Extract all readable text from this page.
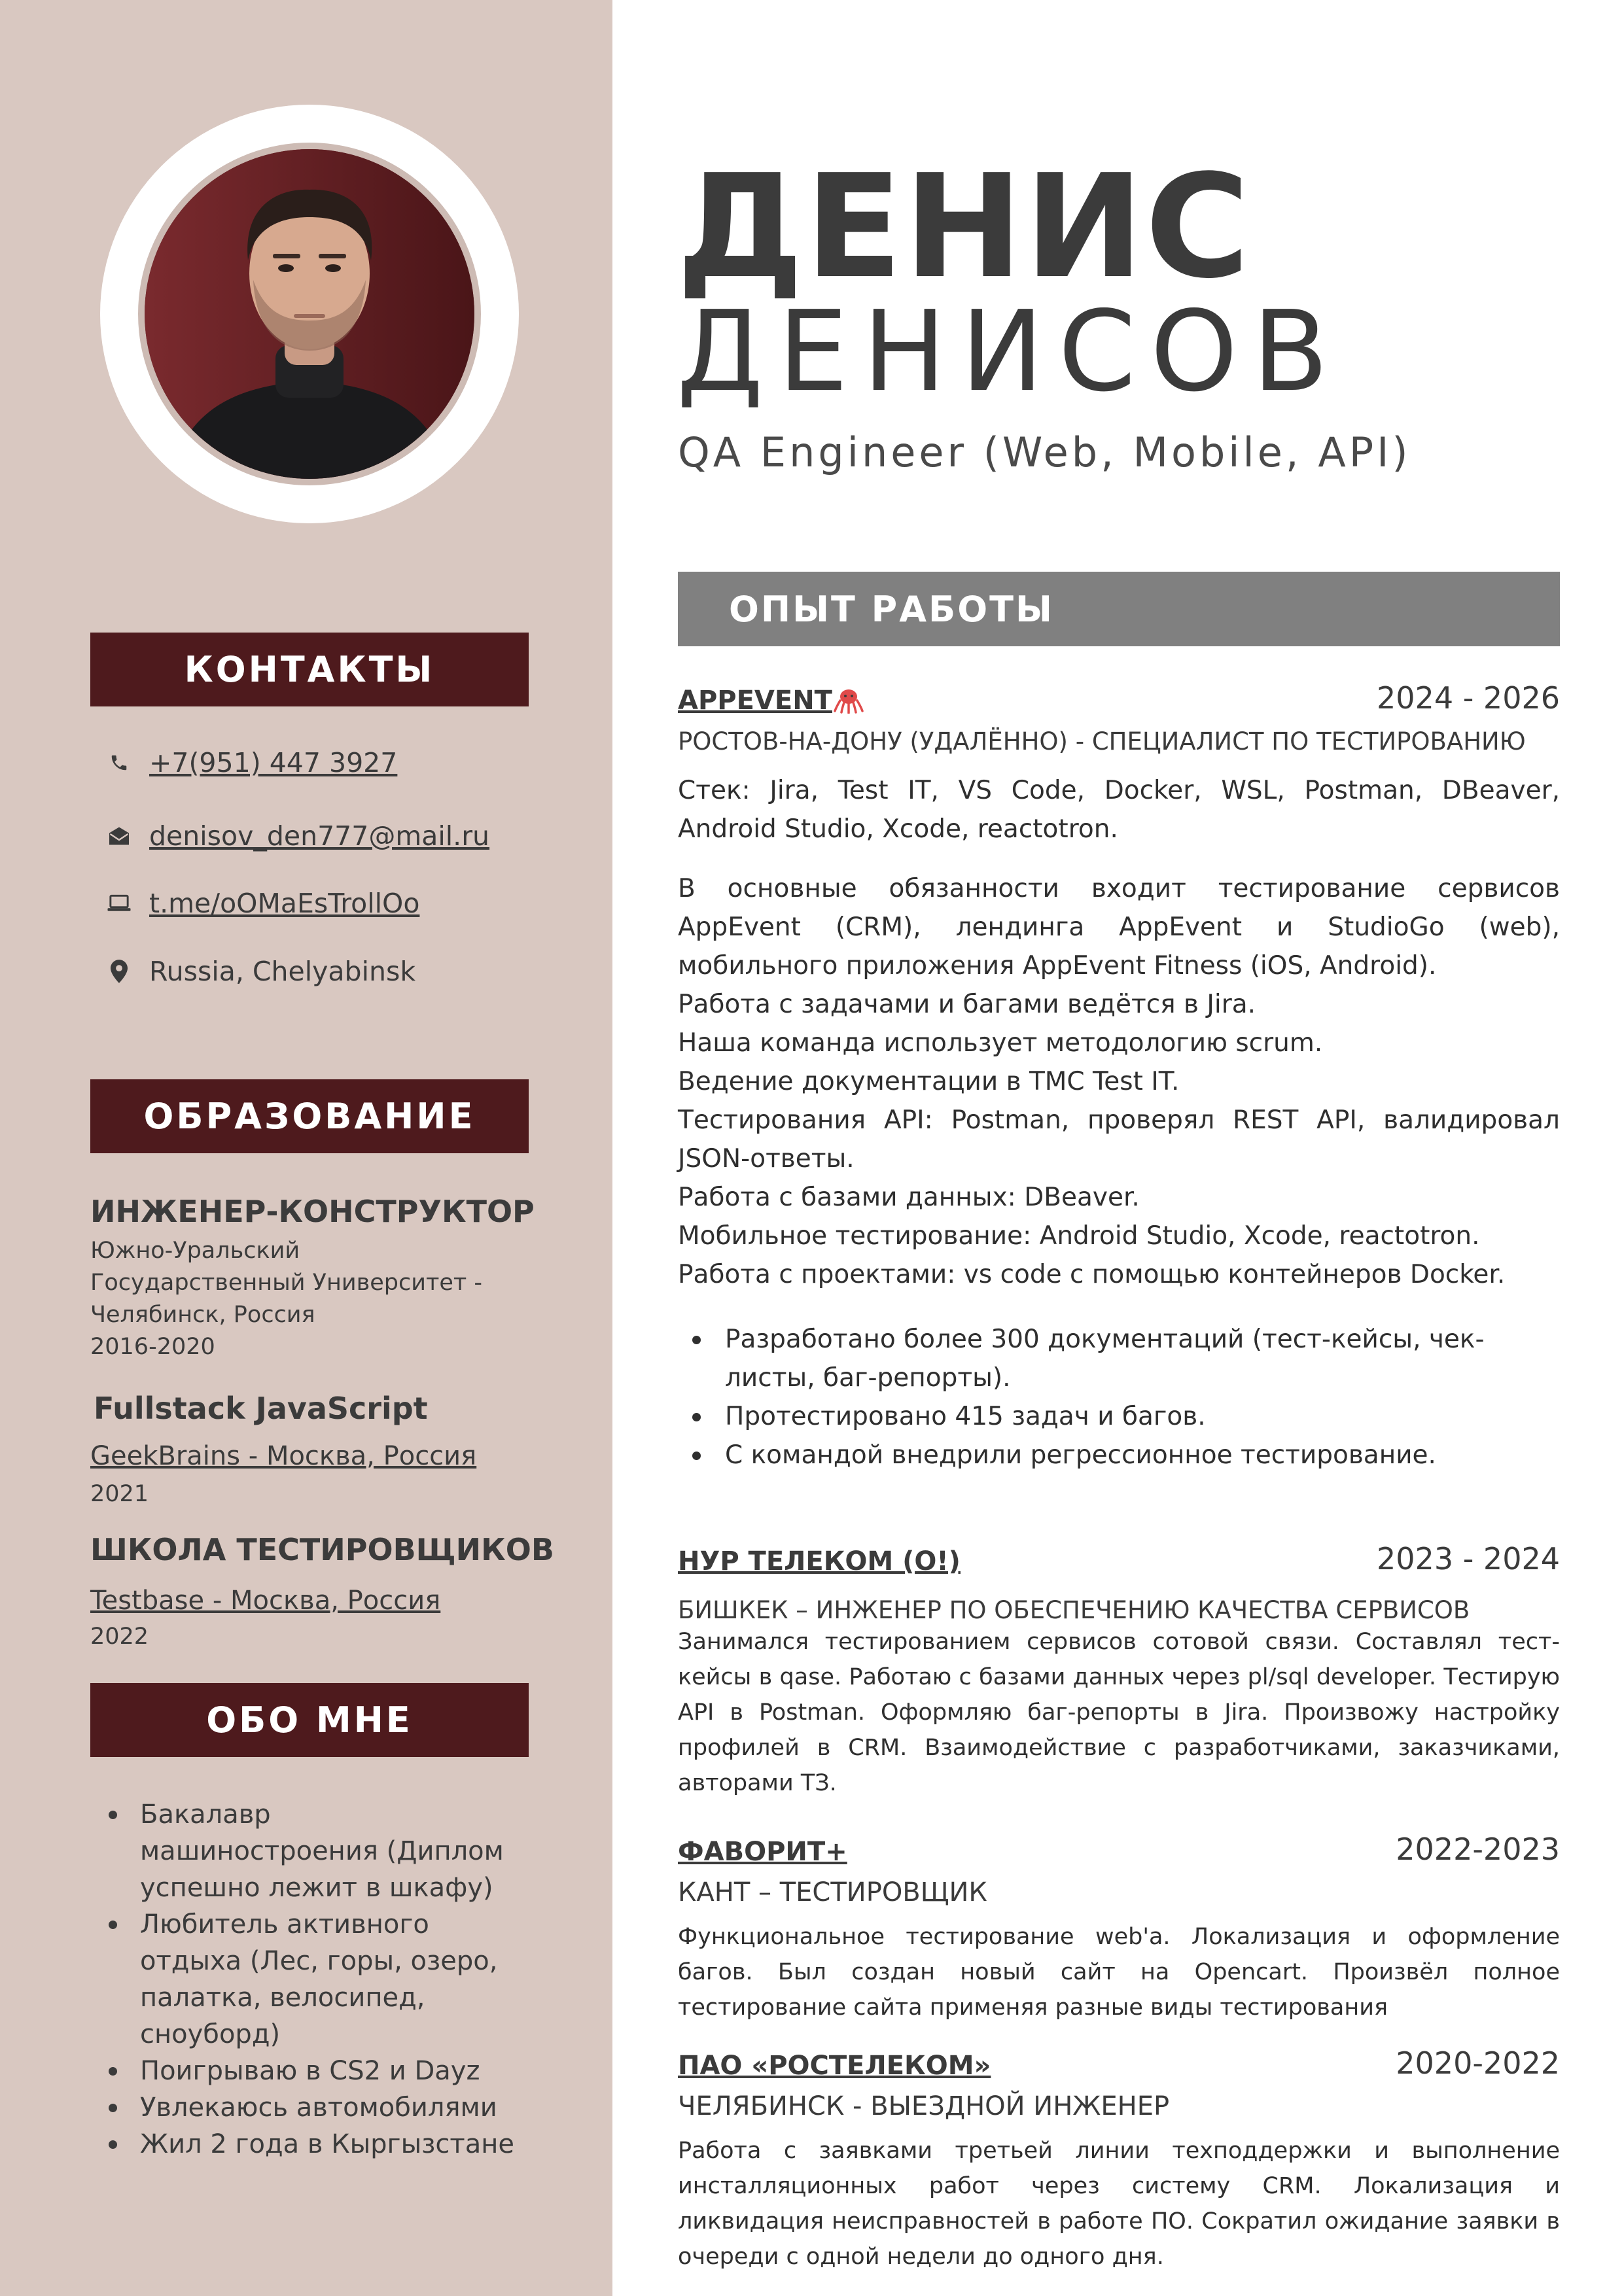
КОНТАКТЫ
+7(951) 447 3927
denisov_den777@mail.ru
t.me/oOMaEsTrollOo
Russia, Chelyabinsk
ОБРАЗОВАНИЕ
ИНЖЕНЕР-КОНСТРУКТОР
Южно-Уральский
Государственный Университет -
Челябинск, Россия
2016-2020
Fullstack JavaScript
GeekBrains - Москва, Россия
2021
ШКОЛА ТЕСТИРОВЩИКОВ
Testbase - Москва, Россия
2022
ОБО МНЕ
Бакалавр
машиностроения (Диплом
успешно лежит в шкафу)
Любитель активного
отдыха (Лес, горы, озеро,
палатка, велосипед,
сноуборд)
Поигрываю в CS2 и Dayz
Увлекаюсь автомобилями
Жил 2 года в Кыргызстане
ДЕНИС
ДЕНИСОВ
QA Engineer (Web, Mobile, API)
ОПЫТ РАБОТЫ
APPEVENT	2024 - 2026
РОСТОВ-НА-ДОНУ (УДАЛЁННО) - СПЕЦИАЛИСТ ПО ТЕСТИРОВАНИЮ
Стек: Jira, Test IT, VS Code, Docker, WSL, Postman, DBeaver, Android Studio, Xcode, reactotron.
В основные обязанности входит тестирование сервисов AppEvent (CRM), лендинга AppEvent и StudioGo (web), мобильного приложения AppEvent Fitness (iOS, Android).
Работа с задачами и багами ведётся в Jira.
Наша команда использует методологию scrum.
Ведение документации в TMC Test IT.
Тестирования API: Postman, проверял REST API, валидировал JSON-ответы.
Работа с базами данных: DBeaver.
Мобильное тестирование: Android Studio, Xcode, reactotron.
Работа с проектами: vs code с помощью контейнеров Docker.
Разработано более 300 документаций (тест-кейсы, чек-листы, баг-репорты).
Протестировано 415 задач и багов.
С командой внедрили регрессионное тестирование.
НУР ТЕЛЕКОМ (О!)	2023 - 2024
БИШКЕК – ИНЖЕНЕР ПО ОБЕСПЕЧЕНИЮ КАЧЕСТВА СЕРВИСОВ
Занимался тестированием сервисов сотовой связи. Составлял тест-кейсы в qase. Работаю с базами данных через pl/sql developer. Тестирую API в Postman. Оформляю баг-репорты в Jira. Произвожу настройку профилей в CRM. Взаимодействие с разработчиками, заказчиками, авторами ТЗ.
ФАВОРИТ+	2022-2023
КАНТ – ТЕСТИРОВЩИК
Функциональное тестирование web'a. Локализация и оформление багов. Был создан новый сайт на Opencart. Произвёл полное тестирование сайта применяя разные виды тестирования
ПАО «РОСТЕЛЕКОМ»	2020-2022
ЧЕЛЯБИНСК - ВЫЕЗДНОЙ ИНЖЕНЕР
Работа с заявками третьей линии техподдержки и выполнение инсталляционных работ через систему CRM. Локализация и ликвидация неисправностей в работе ПО. Сократил ожидание заявки в очереди с одной недели до одного дня.
